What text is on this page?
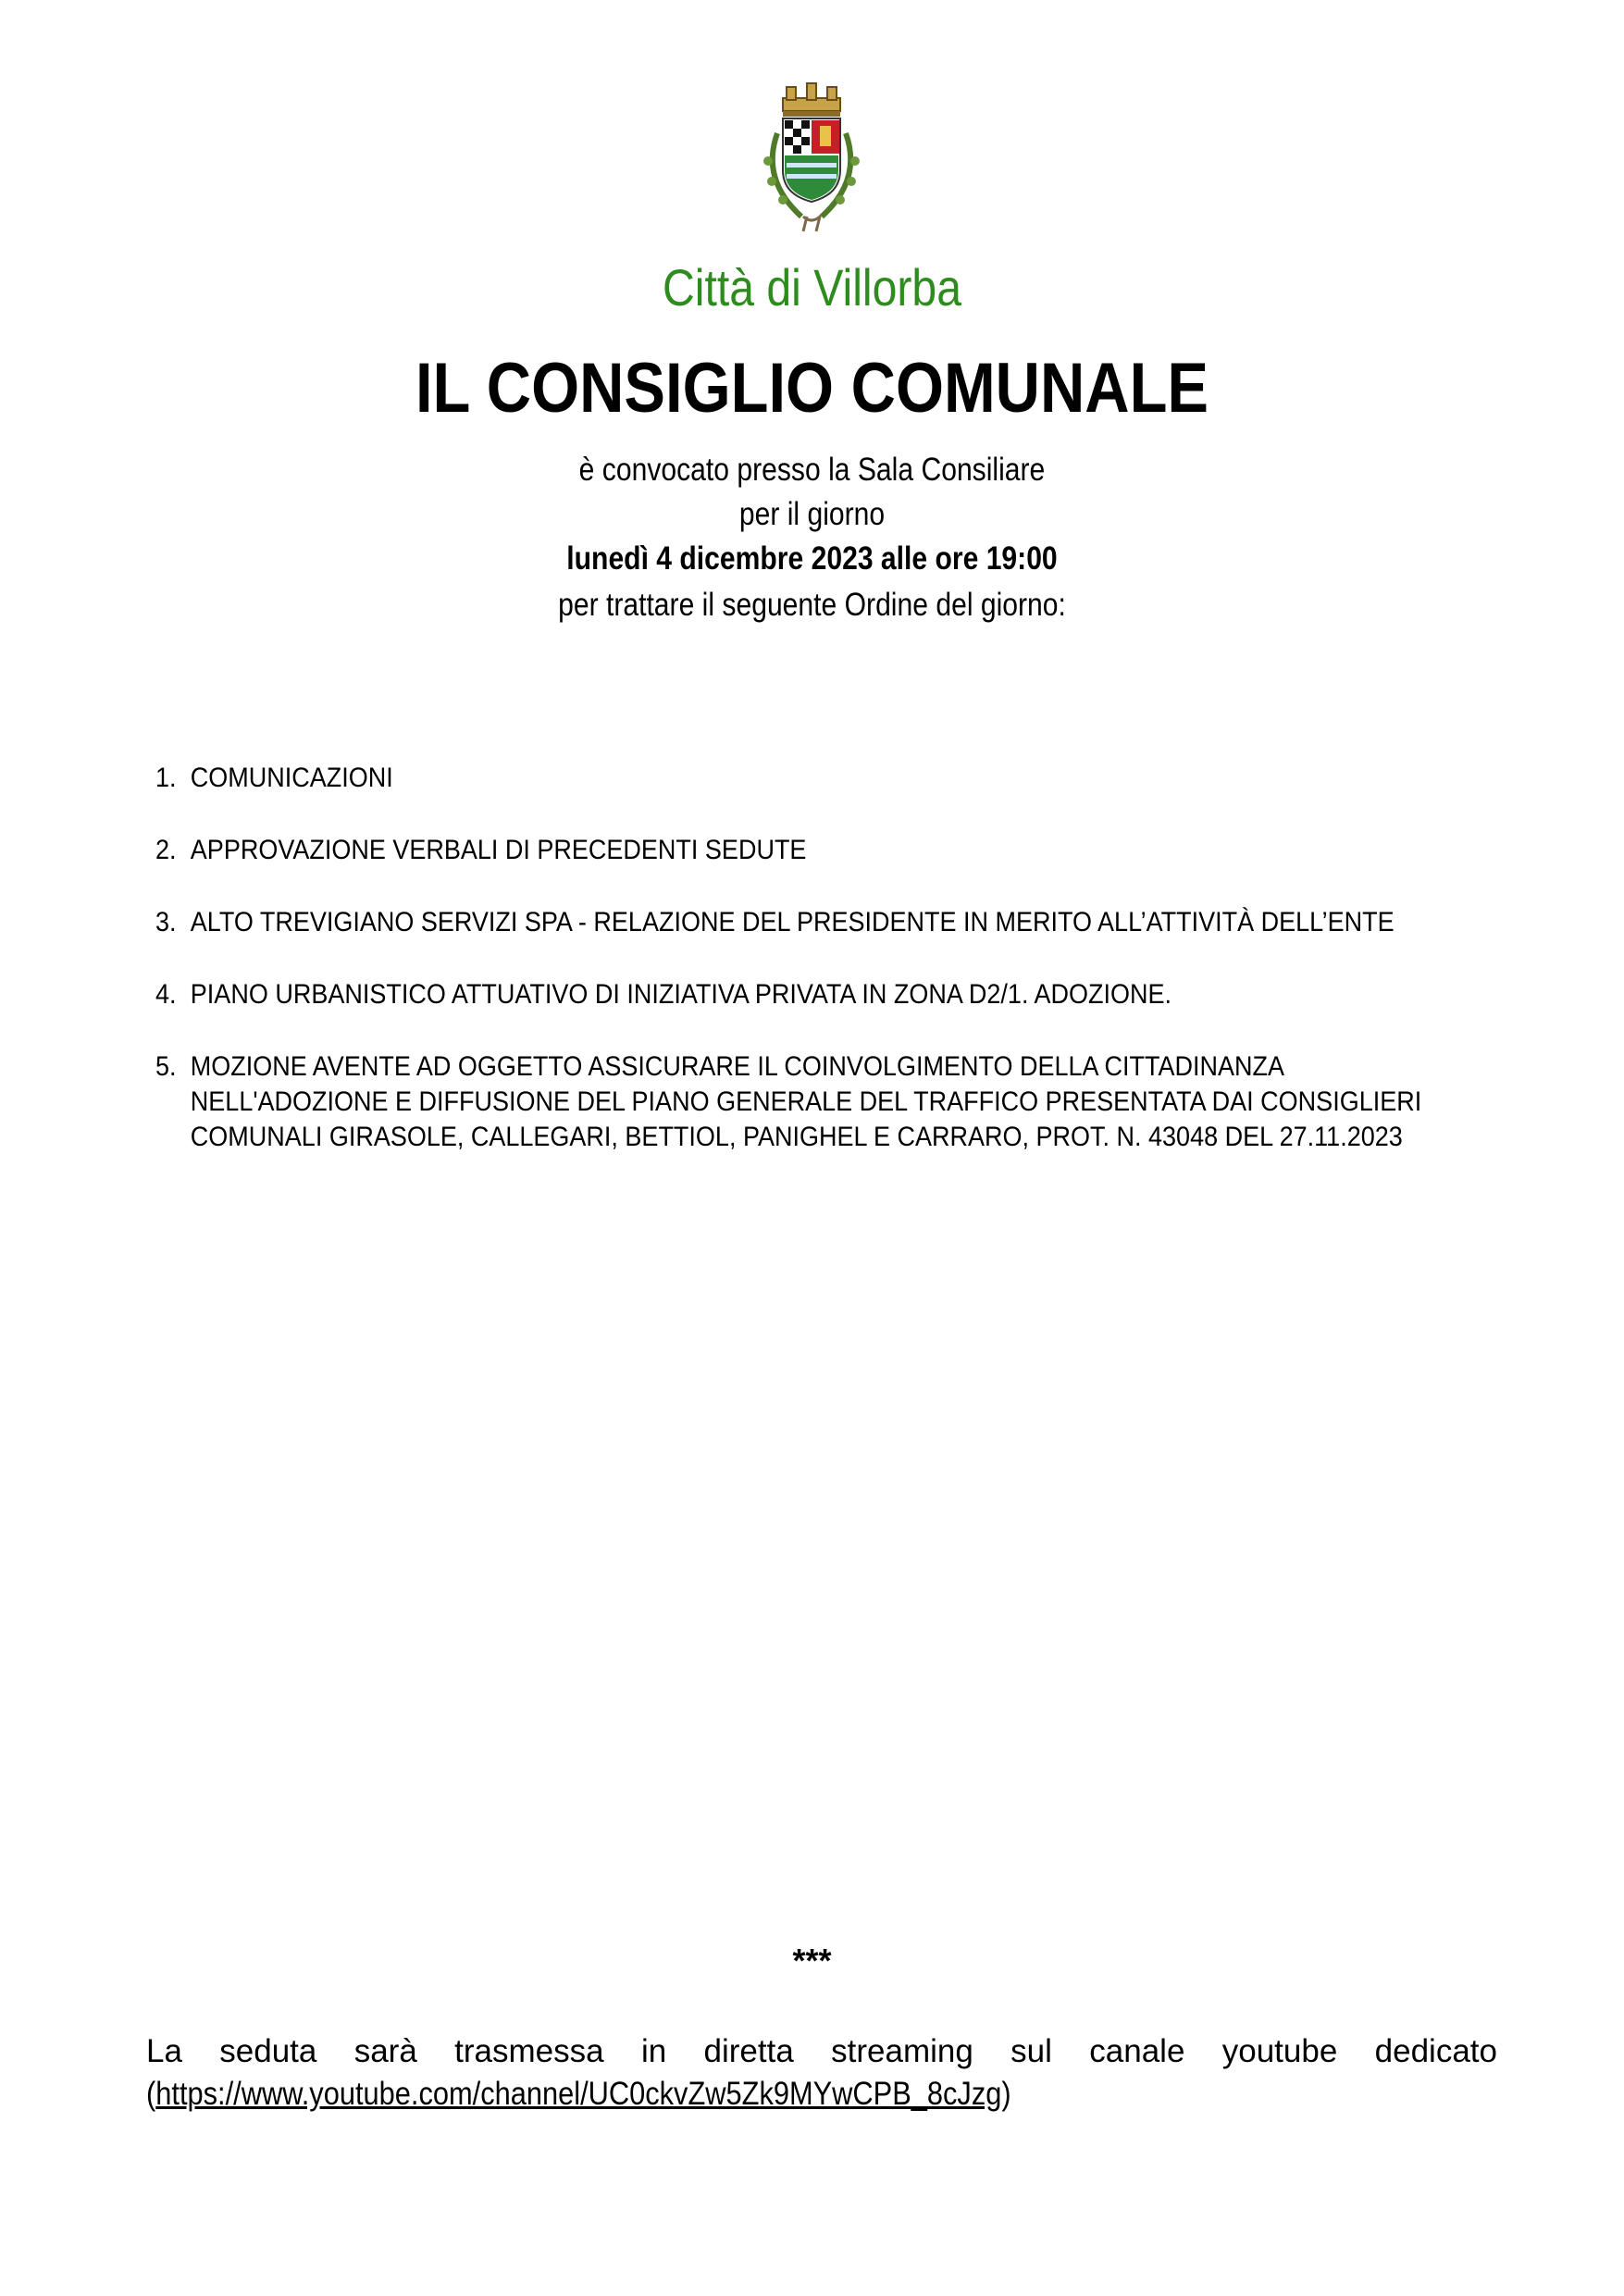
Città di Villorba
IL CONSIGLIO COMUNALE
è convocato presso la Sala Consiliare
per il giorno
lunedì 4 dicembre 2023 alle ore 19:00
per trattare il seguente Ordine del giorno:
1. COMUNICAZIONI
2. APPROVAZIONE VERBALI DI PRECEDENTI SEDUTE
3. ALTO TREVIGIANO SERVIZI SPA - RELAZIONE DEL PRESIDENTE IN MERITO ALL’ATTIVITÀ DELL’ENTE
4. PIANO URBANISTICO ATTUATIVO DI INIZIATIVA PRIVATA IN ZONA D2/1. ADOZIONE.
5. MOZIONE AVENTE AD OGGETTO ASSICURARE IL COINVOLGIMENTO DELLA CITTADINANZA
NELL'ADOZIONE E DIFFUSIONE DEL PIANO GENERALE DEL TRAFFICO PRESENTATA DAI CONSIGLIERI
COMUNALI GIRASOLE, CALLEGARI, BETTIOL, PANIGHEL E CARRARO, PROT. N. 43048 DEL 27.11.2023
***
La seduta sarà trasmessa in diretta streaming sul canale youtube dedicato
(https://www.youtube.com/channel/UC0ckvZw5Zk9MYwCPB_8cJzg)
